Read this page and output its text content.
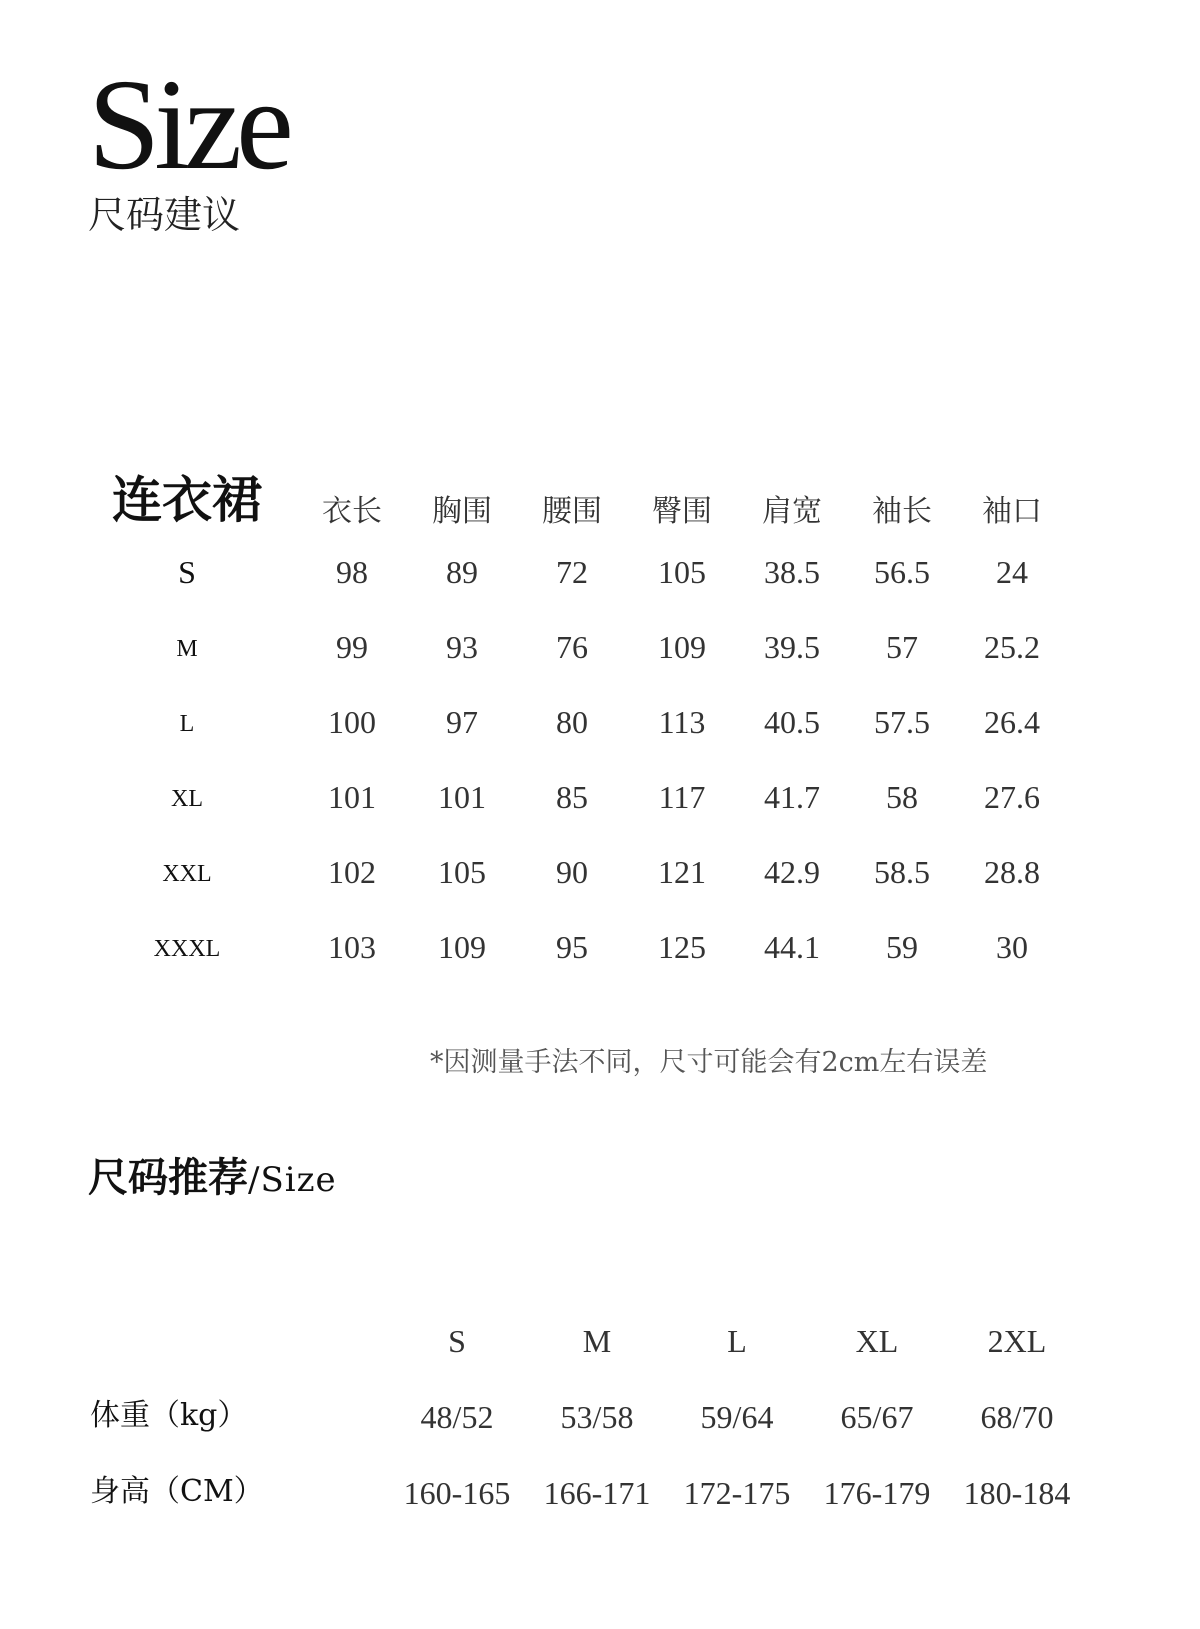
Size
尺码建议
连衣裙 衣长 胸围 腰围 臀围 肩宽 袖长 袖口
S	98 89 72 105 38.5 56.5 24
M	99 93 76 109 39.5 57 25.2
L	100 97 80 113 40.5 57.5 26.4
XL	101 101 85 117 41.7 58 27.6
XXL	102 105 90 121 42.9 58.5 28.8
XXXL	103 109 95 125 44.1 59 30
*因测量手法不同，尺寸可能会有2cm左右误差
尺码推荐/Size
S	M	L	XL	2XL
体重（kg）	48/52 53/58 59/64 65/67 68/70
身高（CM）	160-165 166-171 172-175 176-179 180-184
